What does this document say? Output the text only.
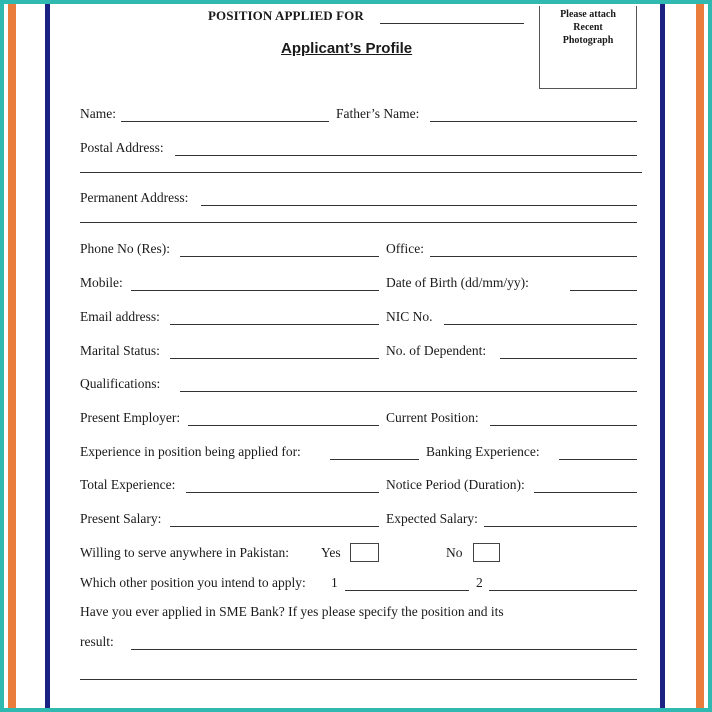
POSITION APPLIED FOR
Applicant’s Profile
Please attach Recent Photograph
Name:	Father’s Name:
Postal Address:
Permanent Address:
Phone No (Res):	Office:
Mobile:	Date of Birth (dd/mm/yy):
Email address:	NIC No.
Marital Status:	No. of Dependent:
Qualifications:
Present Employer:	Current Position:
Experience in position being applied for:	Banking Experience:
Total Experience:	Notice Period (Duration):
Present Salary:	Expected Salary:
Willing to serve anywhere in Pakistan: Yes	No
Which other position you intend to apply: 1	2
Have you ever applied in SME Bank? If yes please specify the position and its
result:
